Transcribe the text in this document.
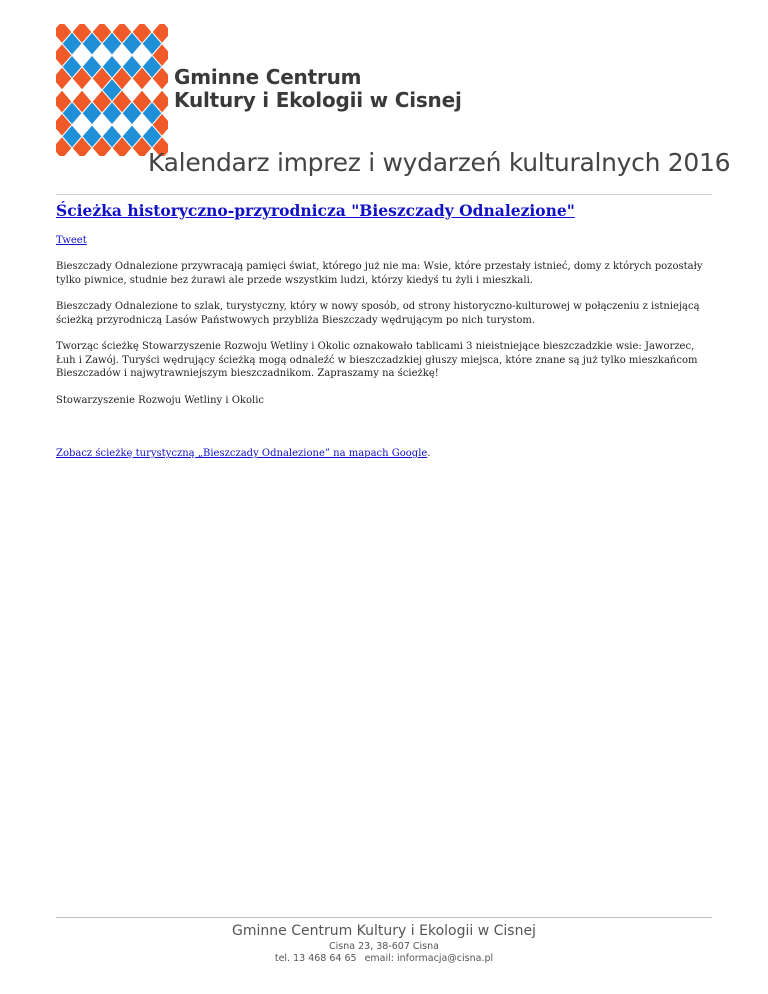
Gminne Centrum
Kultury i Ekologii w Cisnej
Kalendarz imprez i wydarzeń kulturalnych 2016
Ścieżka historyczno-przyrodnicza "Bieszczady Odnalezione"
Tweet

Bieszczady Odnalezione przywracają pamięci świat, którego już nie ma: Wsie, które przestały istnieć, domy z których pozostały tylko piwnice, studnie bez żurawi ale przede wszystkim ludzi, którzy kiedyś tu żyli i mieszkali.

Bieszczady Odnalezione to szlak, turystyczny, który w nowy sposób, od strony historyczno-kulturowej w połączeniu z istniejącą ścieżką przyrodniczą Lasów Państwowych przybliża Bieszczady wędrującym po nich turystom.

Tworząc ścieżkę Stowarzyszenie Rozwoju Wetliny i Okolic oznakowało tablicami 3 nieistniejące bieszczadzkie wsie: Jaworzec, Łuh i Zawój. Turyści wędrujący ścieżką mogą odnaleźć w bieszczadzkiej głuszy miejsca, które znane są już tylko mieszkańcom Bieszczadów i najwytrawniejszym bieszczadnikom. Zapraszamy na ścieżkę!

Stowarzyszenie Rozwoju Wetliny i Okolic

Zobacz ścieżkę turystyczną „Bieszczady Odnalezione” na mapach Google.

Gminne Centrum Kultury i Ekologii w Cisnej
Cisna 23, 38-607 Cisna
tel. 13 468 64 65 email: informacja@cisna.pl
